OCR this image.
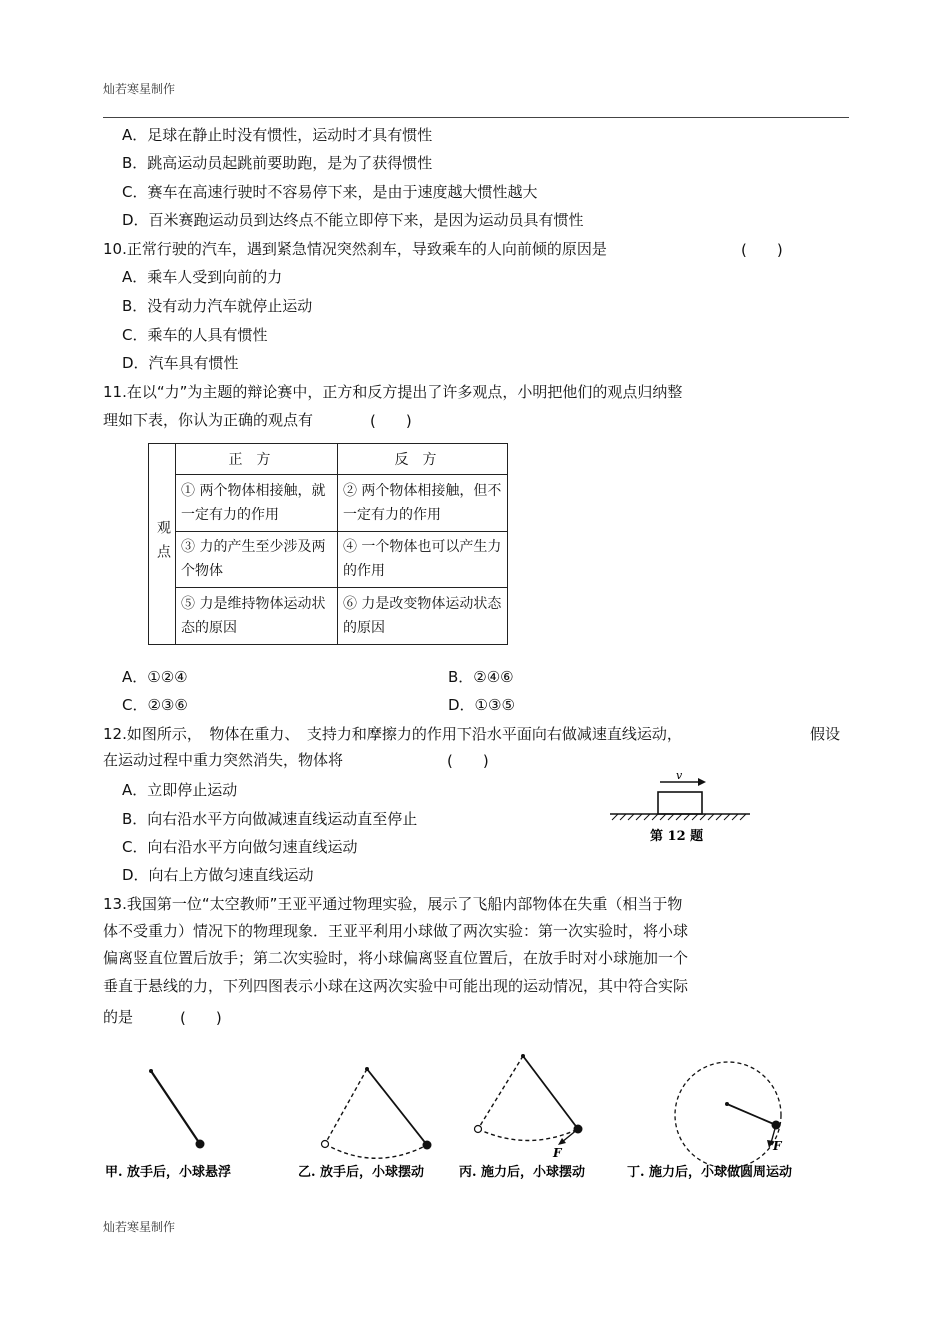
灿若寒星制作
A．足球在静止时没有惯性，运动时才具有惯性
B．跳高运动员起跳前要助跑，是为了获得惯性
C．赛车在高速行驶时不容易停下来，是由于速度越大惯性越大
D．百米赛跑运动员到达终点不能立即停下来，是因为运动员具有惯性
10.正常行驶的汽车，遇到紧急情况突然刹车，导致乘车的人向前倾的原因是	(　　)
A．乘车人受到向前的力
B．没有动力汽车就停止运动
C．乘车的人具有惯性
D．汽车具有惯性
11.在以“力”为主题的辩论赛中，正方和反方提出了许多观点，小明把他们的观点归纳整
理如下表，你认为正确的观点有	(　　)
观点	正方	反方
	① 两个物体相接触，就一定有力的作用	② 两个物体相接触，但不一定有力的作用
	③ 力的产生至少涉及两个物体	④ 一个物体也可以产生力的作用
	⑤ 力是维持物体运动状态的原因	⑥ 力是改变物体运动状态的原因
A．①②④	B．②④⑥
C．②③⑥	D．①③⑤
12.如图所示，　物体在重力、　支持力和摩擦力的作用下沿水平面向右做减速直线运动，	假设
在运动过程中重力突然消失，物体将	(　　)
A．立即停止运动
B．向右沿水平方向做减速直线运动直至停止
C．向右沿水平方向做匀速直线运动
D．向右上方做匀速直线运动
v
第 12 题
13.我国第一位“太空教师”王亚平通过物理实验，展示了飞船内部物体在失重（相当于物
体不受重力）情况下的物理现象．王亚平利用小球做了两次实验：第一次实验时，将小球
偏离竖直位置后放手；第二次实验时，将小球偏离竖直位置后，在放手时对小球施加一个
垂直于悬线的力，下列四图表示小球在这两次实验中可能出现的运动情况，其中符合实际
的是	(　　)
甲. 放手后，小球悬浮	乙. 放手后，小球摆动
F
丙. 施力后，小球摆动
F
丁. 施力后，小球做圆周运动
灿若寒星制作
